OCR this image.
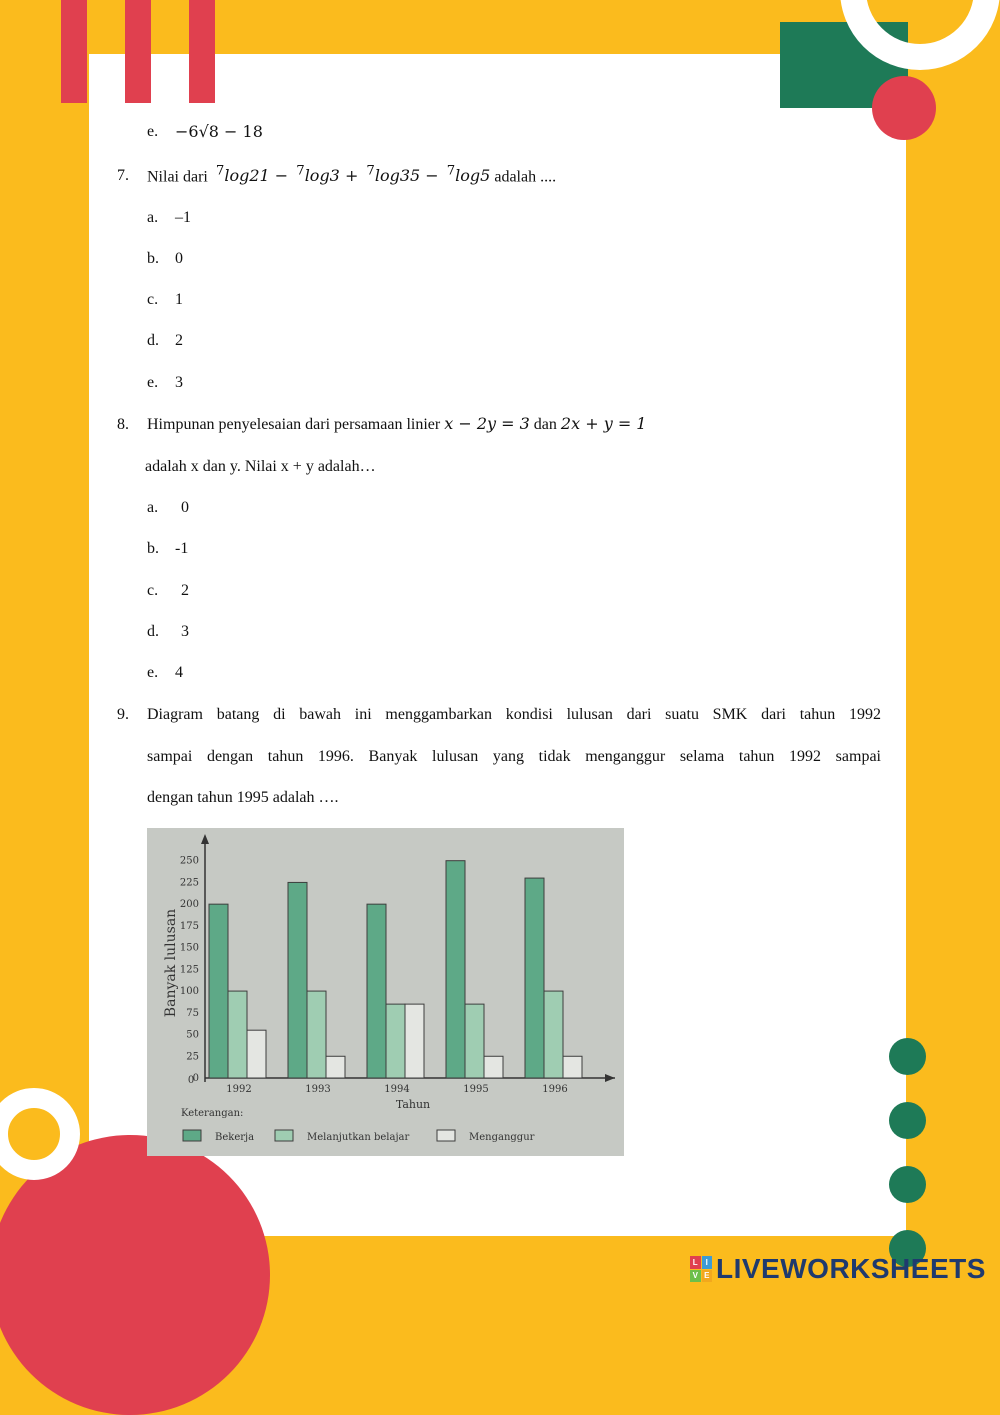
e. −6√8 − 18
7. Nilai dari $^7$log21 − $^7$log3 + $^7$log35 − $^7$log5 adalah ....
a. –1
b. 0
c. 1
d. 2
e. 3
8. Himpunan penyelesaian dari persamaan linier x − 2y = 3 dan 2x + y = 1
adalah x dan y. Nilai x + y adalah…
a. 0
b. -1
c. 2
d. 3
e. 4
9. Diagram batang di bawah ini menggambarkan kondisi lulusan dari suatu SMK dari tahun 1992
sampai dengan tahun 1996. Banyak lulusan yang tidak menganggur selama tahun 1992 sampai
dengan tahun 1995 adalah ….
0
25
50
75
100
125
150
175
200
225
250
Banyak lulusan
1992	1993	1994	1995	1996
0
Tahun
Keterangan:
Bekerja	Melanjutkan belajar	Menganggur
L I
V E LIVEWORKSHEETS
